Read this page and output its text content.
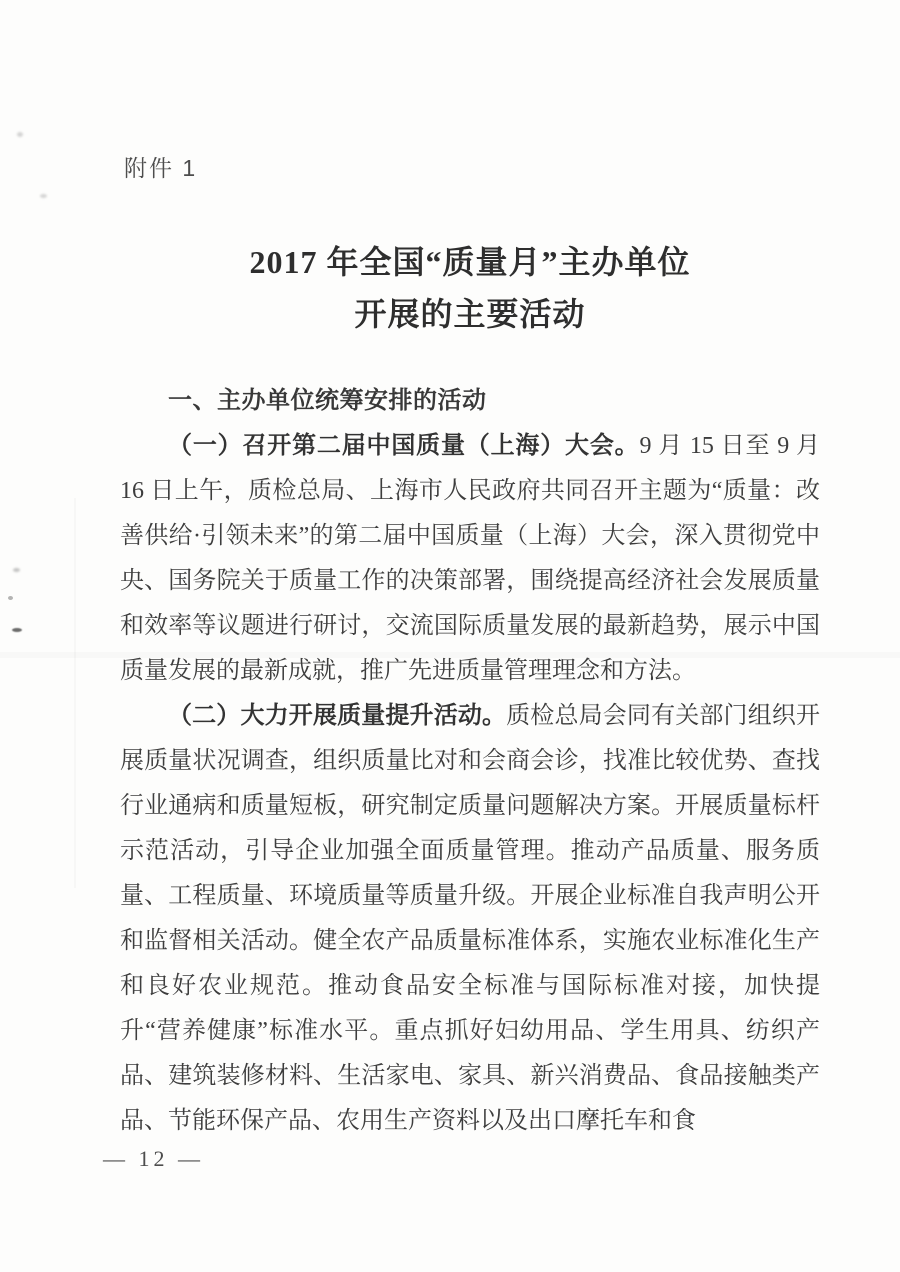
附件 1
2017 年全国“质量月”主办单位
开展的主要活动
一、主办单位统筹安排的活动

（一）召开第二届中国质量（上海）大会。9 月 15 日至 9 月 16 日上午，质检总局、上海市人民政府共同召开主题为“质量：改善供给·引领未来”的第二届中国质量（上海）大会，深入贯彻党中央、国务院关于质量工作的决策部署，围绕提高经济社会发展质量和效率等议题进行研讨，交流国际质量发展的最新趋势，展示中国质量发展的最新成就，推广先进质量管理理念和方法。

（二）大力开展质量提升活动。质检总局会同有关部门组织开展质量状况调查，组织质量比对和会商会诊，找准比较优势、查找行业通病和质量短板，研究制定质量问题解决方案。开展质量标杆示范活动，引导企业加强全面质量管理。推动产品质量、服务质量、工程质量、环境质量等质量升级。开展企业标准自我声明公开和监督相关活动。健全农产品质量标准体系，实施农业标准化生产和良好农业规范。推动食品安全标准与国际标准对接，加快提升“营养健康”标准水平。重点抓好妇幼用品、学生用具、纺织产品、建筑装修材料、生活家电、家具、新兴消费品、食品接触类产品、节能环保产品、农用生产资料以及出口摩托车和食

— 12 —
